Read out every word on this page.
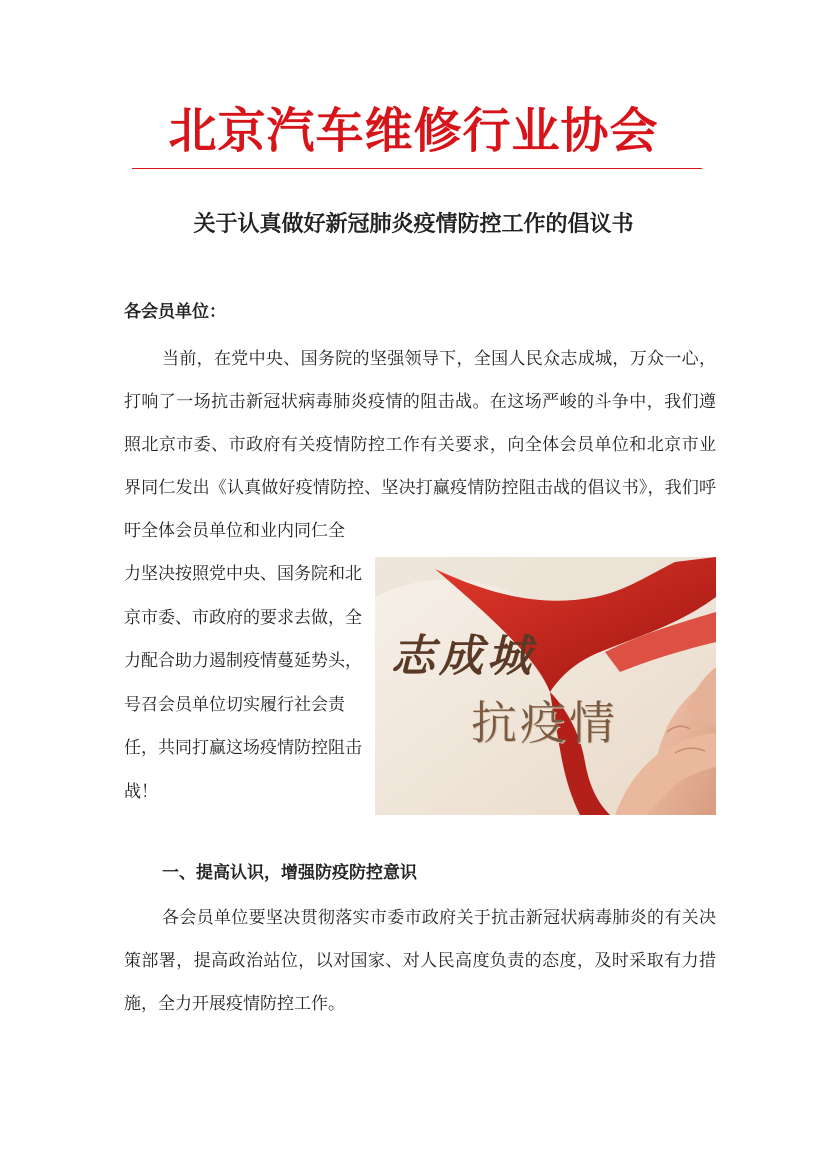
北京汽车维修行业协会
关于认真做好新冠肺炎疫情防控工作的倡议书
各会员单位：
当前，在党中央、国务院的坚强领导下，全国人民众志成城，万众一心，打响了一场抗击新冠状病毒肺炎疫情的阻击战。在这场严峻的斗争中，我们遵照北京市委、市政府有关疫情防控工作有关要求，向全体会员单位和北京市业界同仁发出《认真做好疫情防控、坚决打赢疫情防控阻击战的倡议书》，我们呼吁全体会员单位和业内同仁全
力坚决按照党中央、国务院和北京市委、市政府的要求去做，全力配合助力遏制疫情蔓延势头，号召会员单位切实履行社会责任，共同打赢这场疫情防控阻击战！
志成城
抗疫情
一、提高认识，增强防疫防控意识
各会员单位要坚决贯彻落实市委市政府关于抗击新冠状病毒肺炎的有关决策部署，提高政治站位，以对国家、对人民高度负责的态度，及时采取有力措施，全力开展疫情防控工作。
